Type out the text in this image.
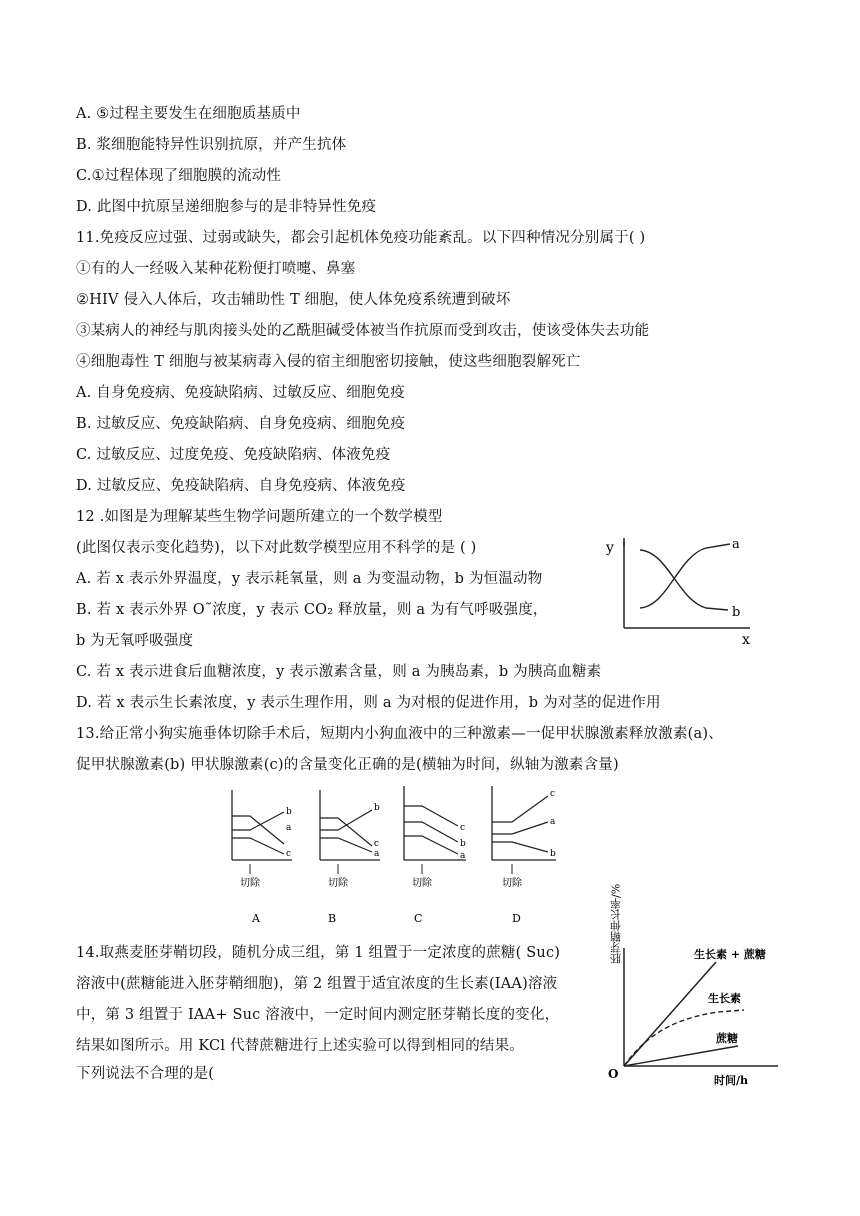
A. ⑤过程主要发生在细胞质基质中
B. 浆细胞能特异性识别抗原，并产生抗体
C.①过程体现了细胞膜的流动性
D. 此图中抗原呈递细胞参与的是非特异性免疫
11.免疫反应过强、过弱或缺失，都会引起机体免疫功能紊乱。以下四种情况分别属于( )
①有的人一经吸入某种花粉便打喷嚏、鼻塞
②HIV 侵入人体后，攻击辅助性 T 细胞，使人体免疫系统遭到破坏
③某病人的神经与肌肉接头处的乙酰胆碱受体被当作抗原而受到攻击，使该受体失去功能
④细胞毒性 T 细胞与被某病毒入侵的宿主细胞密切接触，使这些细胞裂解死亡
A. 自身免疫病、免疫缺陷病、过敏反应、细胞免疫
B. 过敏反应、免疫缺陷病、自身免疫病、细胞免疫
C. 过敏反应、过度免疫、免疫缺陷病、体液免疫
D. 过敏反应、免疫缺陷病、自身免疫病、体液免疫
12 .如图是为理解某些生物学问题所建立的一个数学模型
(此图仅表示变化趋势)，以下对此数学模型应用不科学的是 ( )
A. 若 x 表示外界温度，y 表示耗氧量，则 a 为变温动物，b 为恒温动物
B. 若 x 表示外界 O˜浓度，y 表示 CO₂ 释放量，则 a 为有气呼吸强度，
b 为无氧呼吸强度
C. 若 x 表示进食后血糖浓度，y 表示激素含量，则 a 为胰岛素，b 为胰高血糖素
D. 若 x 表示生长素浓度，y 表示生理作用，则 a 为对根的促进作用，b 为对茎的促进作用
y
x
a
b
13.给正常小狗实施垂体切除手术后，短期内小狗血液中的三种激素—一促甲状腺激素释放激素(a)、
促甲状腺激素(b) 甲状腺激素(c)的含量变化正确的是(横轴为时间，纵轴为激素含量)
b
a
c
切除
A
b
c
a
切除
B
c
b
a
切除
C
c
a
b
切除
D
14.取燕麦胚芽鞘切段，随机分成三组，第 1 组置于一定浓度的蔗糖( Suc)
溶液中(蔗糖能进入胚芽鞘细胞)，第 2 组置于适宜浓度的生长素(IAA)溶液
中，第 3 组置于 IAA+ Suc 溶液中，一定时间内测定胚芽鞘长度的变化，
结果如图所示。用 KCl 代替蔗糖进行上述实验可以得到相同的结果。
下列说法不合理的是(
胚芽鞘伸长率/%
O	时间/h
生长素 + 蔗糖
生长素
蔗糖
